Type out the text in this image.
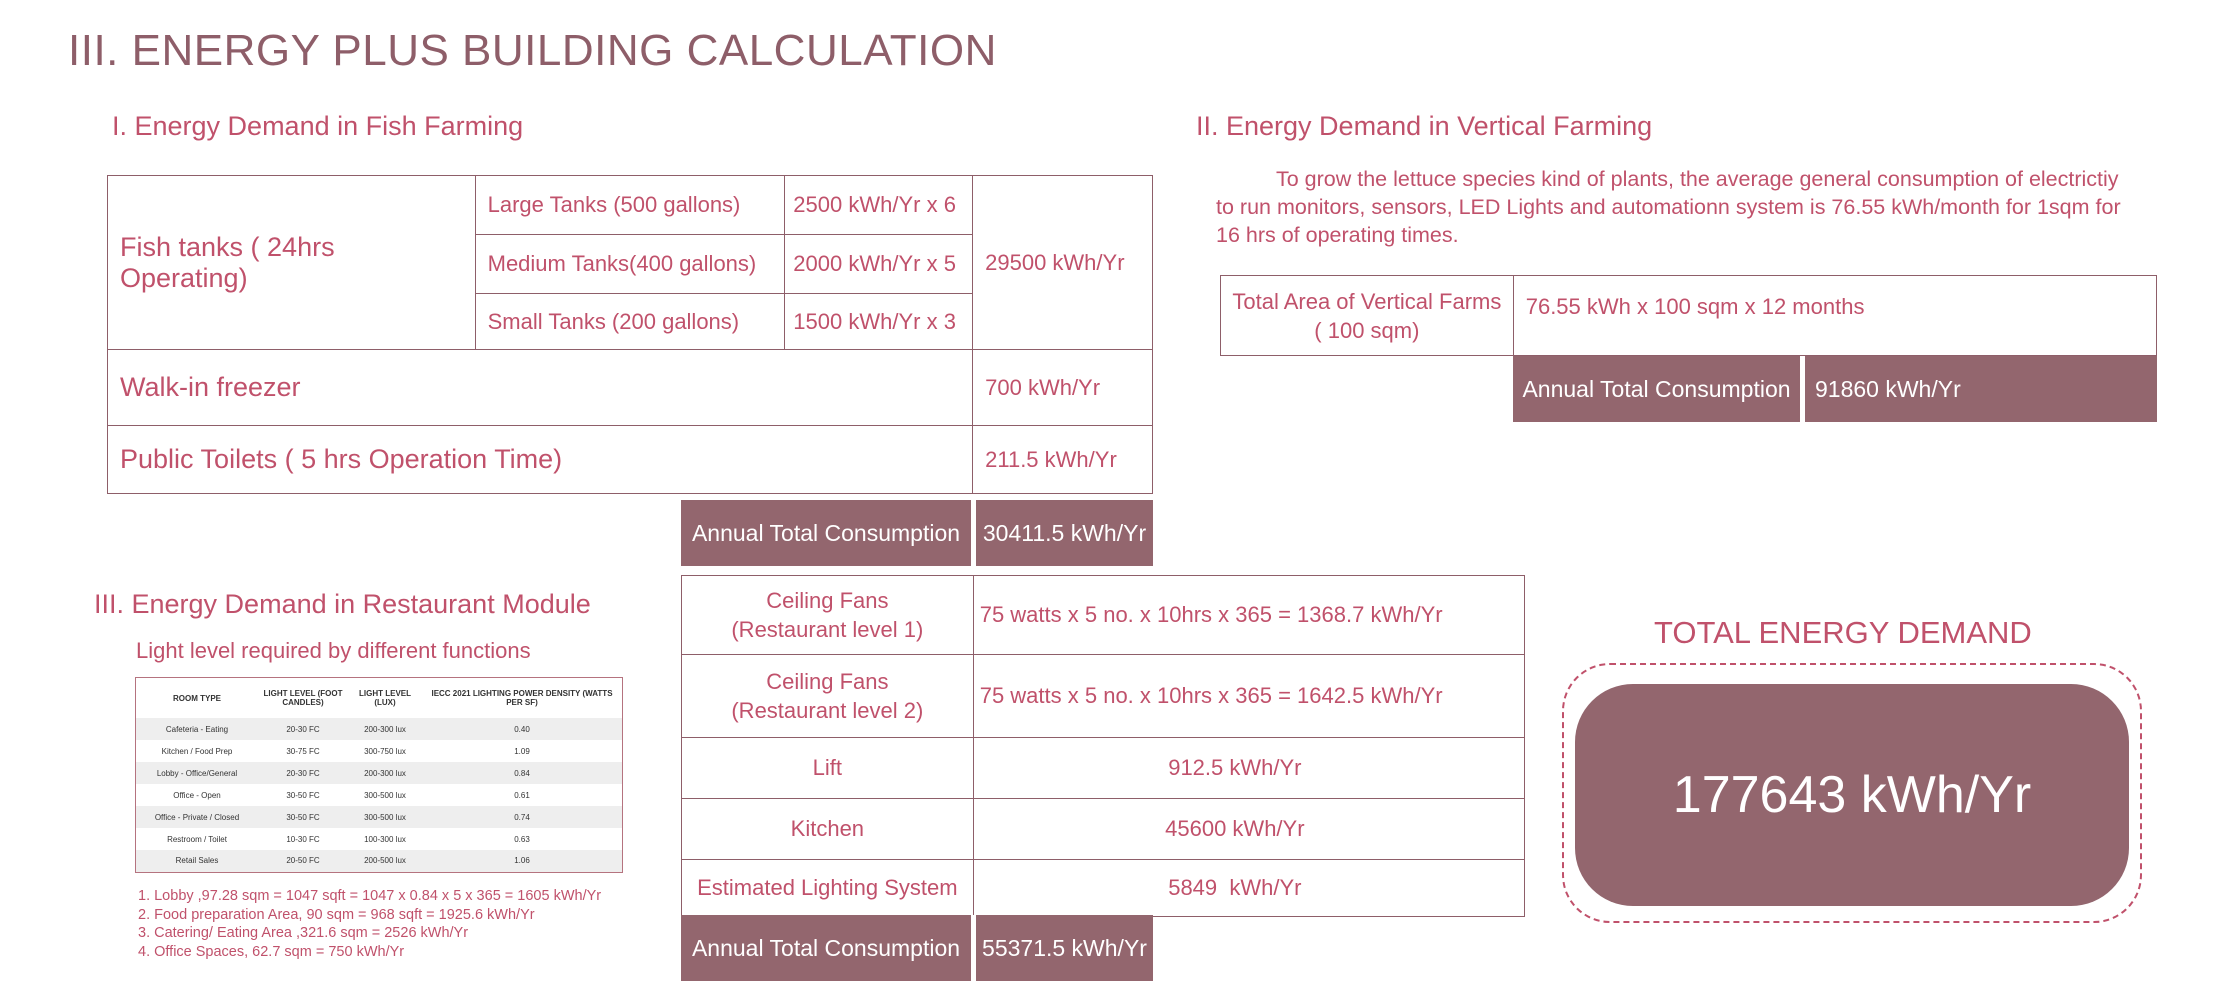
III. ENERGY PLUS BUILDING CALCULATION
I. Energy Demand in Fish Farming
Fish tanks ( 24hrs Operating)	Large Tanks (500 gallons)	2500 kWh/Yr x 6	29500 kWh/Yr
	Medium Tanks(400 gallons)	2000 kWh/Yr x 5	
	Small Tanks (200 gallons)	1500 kWh/Yr x 3	
Walk-in freezer			700 kWh/Yr
Public Toilets ( 5 hrs Operation Time)			211.5 kWh/Yr
Annual Total Consumption 30411.5 kWh/Yr
II. Energy Demand in Vertical Farming
To grow the lettuce species kind of plants, the average general consumption of electrictiy
to run monitors, sensors, LED Lights and automationn system is 76.55 kWh/month for 1sqm for
16 hrs of operating times.
Total Area of Vertical Farms
( 100 sqm)
	76.55 kWh x 100 sqm x 12 months
Annual Total Consumption	91860 kWh/Yr
III. Energy Demand in Restaurant Module
Light level required by different functions
ROOM TYPE	LIGHT LEVEL (FOOT CANDLES)	LIGHT LEVEL (LUX)	IECC 2021 LIGHTING POWER DENSITY (WATTS PER SF)
Cafeteria - Eating	20-30 FC	200-300 lux	0.40
Kitchen / Food Prep	30-75 FC	300-750 lux	1.09
Lobby - Office/General	20-30 FC	200-300 lux	0.84
Office - Open	30-50 FC	300-500 lux	0.61
Office - Private / Closed	30-50 FC	300-500 lux	0.74
Restroom / Toilet	10-30 FC	100-300 lux	0.63
Retail Sales	20-50 FC	200-500 lux	1.06
1. Lobby ,97.28 sqm = 1047 sqft = 1047 x 0.84 x 5 x 365 = 1605 kWh/Yr
2. Food preparation Area, 90 sqm = 968 sqft = 1925.6 kWh/Yr
3. Catering/ Eating Area ,321.6 sqm = 2526 kWh/Yr
4. Office Spaces, 62.7 sqm = 750 kWh/Yr
Ceiling Fans
(Restaurant level 1)	75 watts x 5 no. x 10hrs x 365 = 1368.7 kWh/Yr

Ceiling Fans
(Restaurant level 2)	75 watts x 5 no. x 10hrs x 365 = 1642.5 kWh/Yr
Lift	912.5 kWh/Yr
Kitchen	45600 kWh/Yr
Estimated Lighting System	5849  kWh/Yr
Annual Total Consumption 55371.5 kWh/Yr
TOTAL ENERGY DEMAND
177643 kWh/Yr
